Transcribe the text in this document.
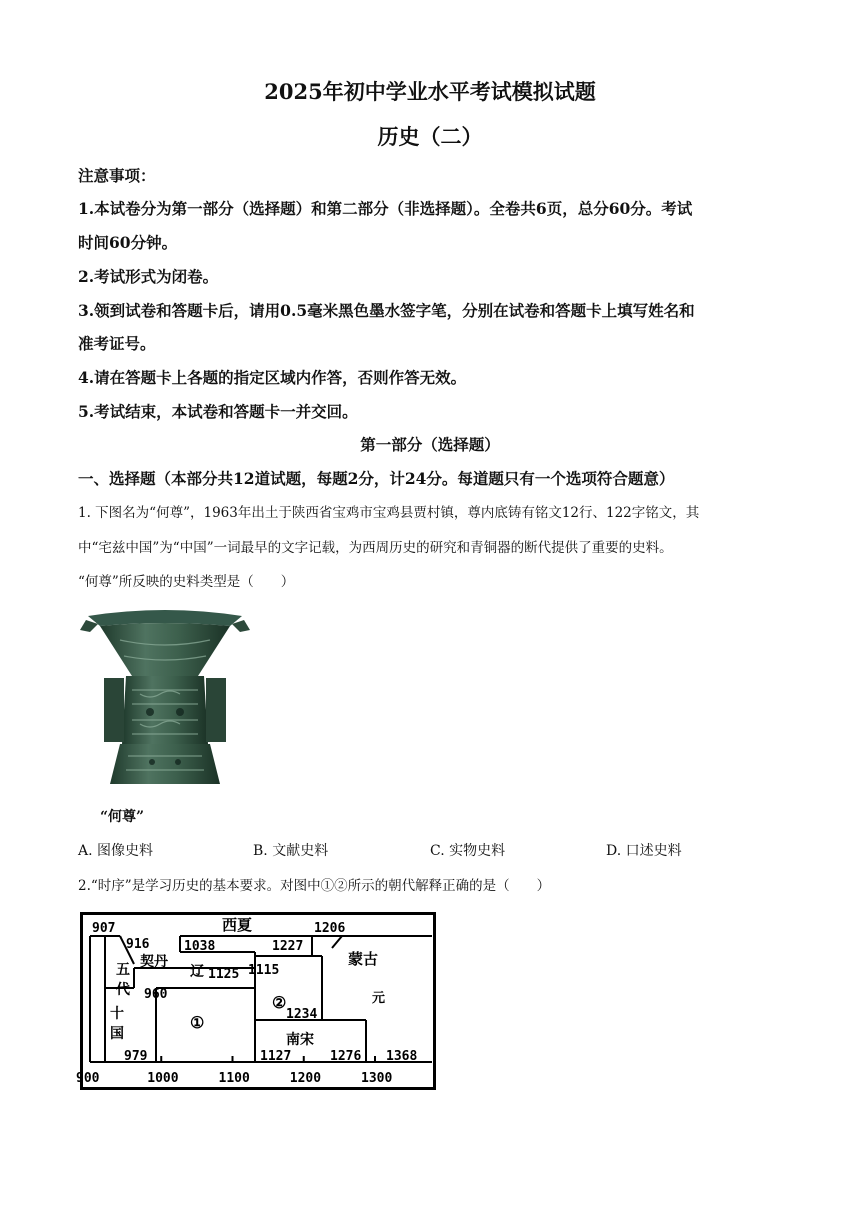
2025年初中学业水平考试模拟试题
历史（二）
注意事项：
1.本试卷分为第一部分（选择题）和第二部分（非选择题）。全卷共6页，总分60分。考试
时间60分钟。
2.考试形式为闭卷。
3.领到试卷和答题卡后，请用0.5毫米黑色墨水签字笔，分别在试卷和答题卡上填写姓名和
准考证号。
4.请在答题卡上各题的指定区域内作答，否则作答无效。
5.考试结束，本试卷和答题卡一并交回。
第一部分（选择题）
一、选择题（本部分共12道试题，每题2分，计24分。每道题只有一个选项符合题意）
1. 下图名为“何尊”，1963年出土于陕西省宝鸡市宝鸡县贾村镇，尊内底铸有铭文12行、122字铭文，其
中“宅兹中国”为“中国”一词最早的文字记载，为西周历史的研究和青铜器的断代提供了重要的史料。
“何尊”所反映的史料类型是（　　）
“何尊”
A. 图像史料	B. 文献史料	C. 实物史料	D. 口述史料
2.“时序”是学习历史的基本要求。对图中①②所示的朝代解释正确的是（　　）
907
916
契丹
1038
西夏
1227
1206
蒙古
五
代
辽 1125 1115
元
960	②
十
国
①	1234
南宋
979	1127	1276 1368
900	1000	1100	1200	1300
